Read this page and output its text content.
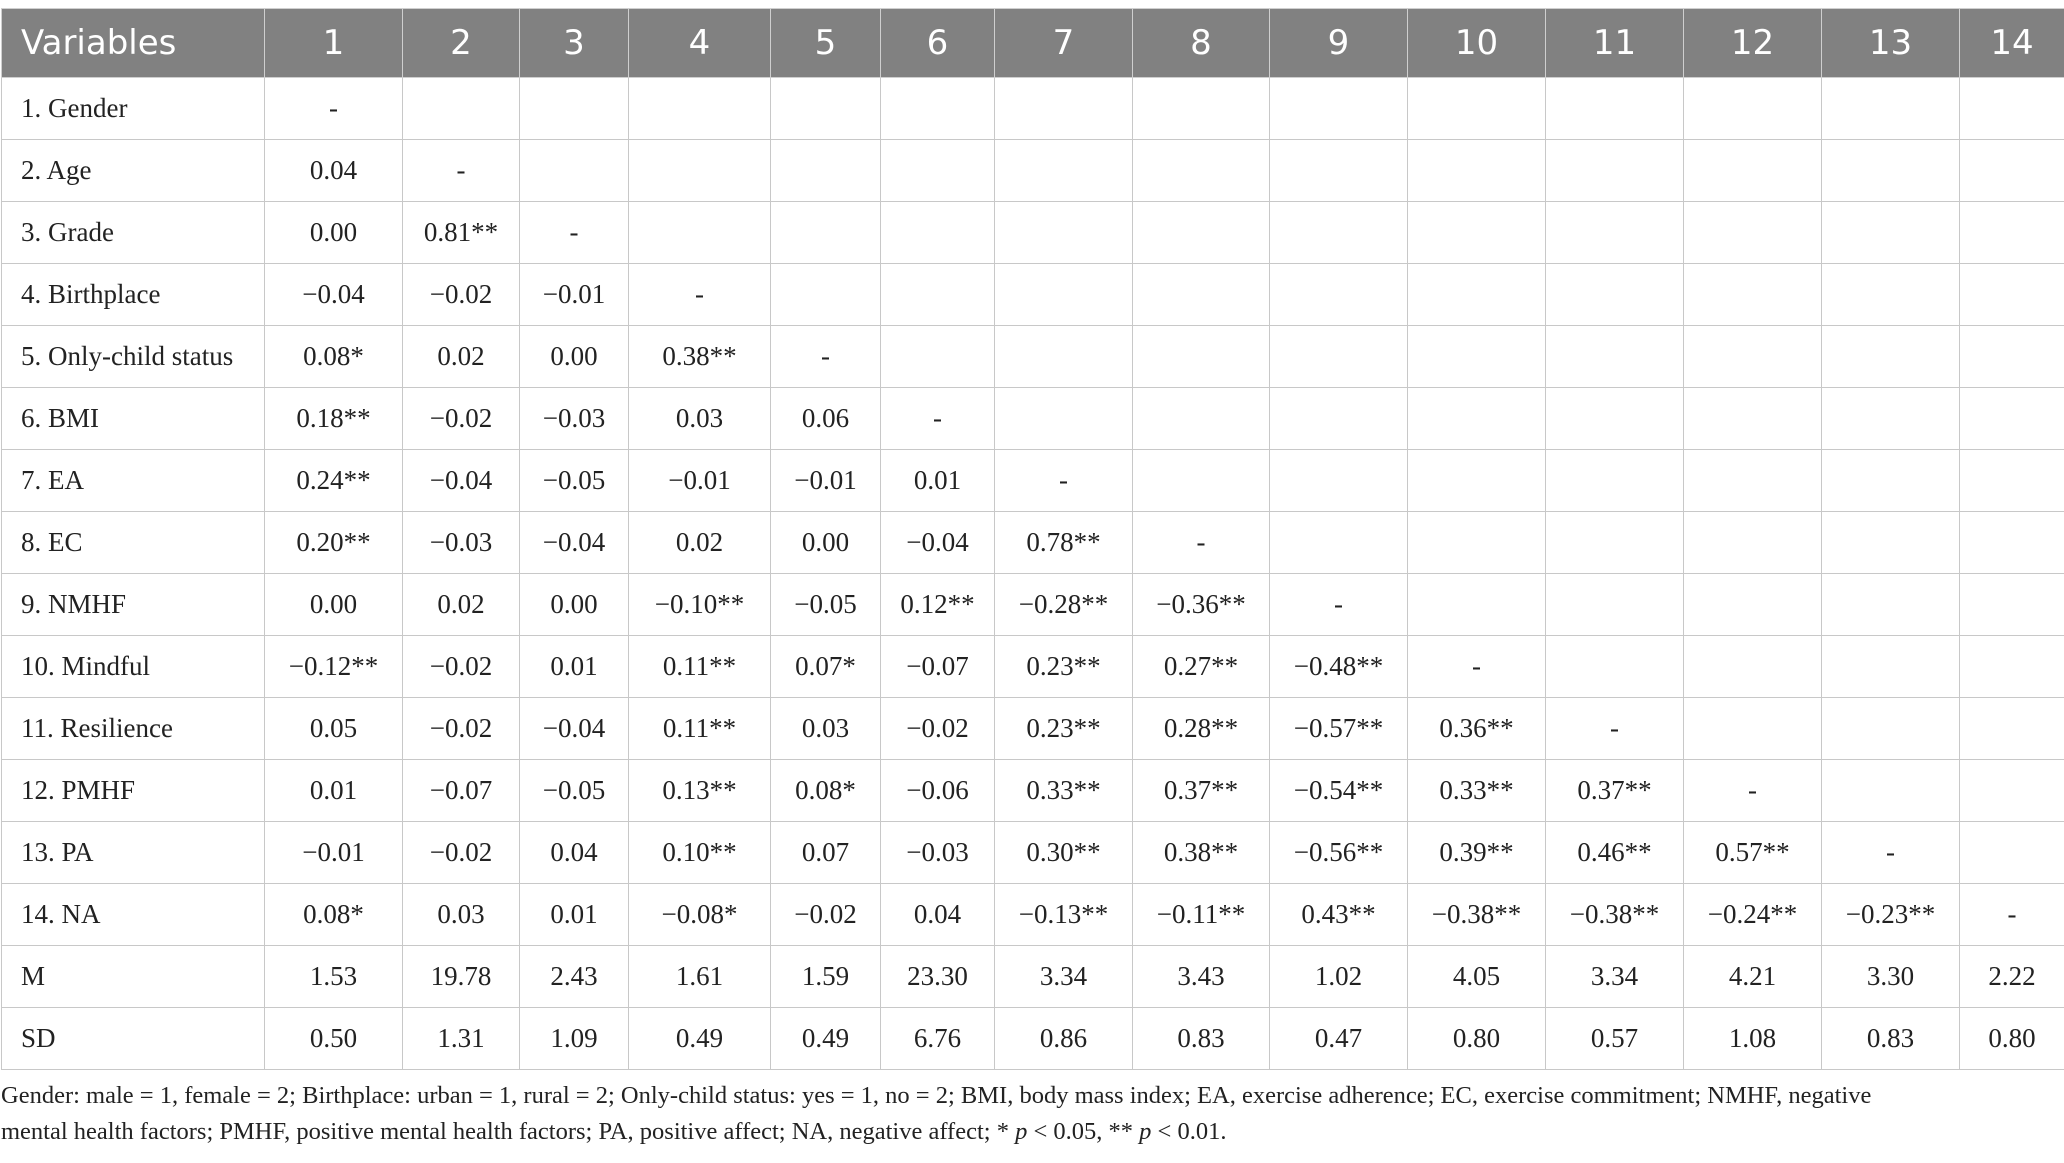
Variables	1	2	3	4	5	6	7	8	9	10	11	12	13	14
1. Gender	-													
2. Age	0.04	-												
3. Grade	0.00	0.81**	-											
4. Birthplace	−0.04	−0.02	−0.01	-										
5. Only-child status	0.08*	0.02	0.00	0.38**	-									
6. BMI	0.18**	−0.02	−0.03	0.03	0.06	-								
7. EA	0.24**	−0.04	−0.05	−0.01	−0.01	0.01	-							
8. EC	0.20**	−0.03	−0.04	0.02	0.00	−0.04	0.78**	-						
9. NMHF	0.00	0.02	0.00	−0.10**	−0.05	0.12**	−0.28**	−0.36**	-					
10. Mindful	−0.12**	−0.02	0.01	0.11**	0.07*	−0.07	0.23**	0.27**	−0.48**	-				
11. Resilience	0.05	−0.02	−0.04	0.11**	0.03	−0.02	0.23**	0.28**	−0.57**	0.36**	-			
12. PMHF	0.01	−0.07	−0.05	0.13**	0.08*	−0.06	0.33**	0.37**	−0.54**	0.33**	0.37**	-		
13. PA	−0.01	−0.02	0.04	0.10**	0.07	−0.03	0.30**	0.38**	−0.56**	0.39**	0.46**	0.57**	-	
14. NA	0.08*	0.03	0.01	−0.08*	−0.02	0.04	−0.13**	−0.11**	0.43**	−0.38**	−0.38**	−0.24**	−0.23**	-
M	1.53	19.78	2.43	1.61	1.59	23.30	3.34	3.43	1.02	4.05	3.34	4.21	3.30	2.22
SD	0.50	1.31	1.09	0.49	0.49	6.76	0.86	0.83	0.47	0.80	0.57	1.08	0.83	0.80
Gender: male = 1, female = 2; Birthplace: urban = 1, rural = 2; Only-child status: yes = 1, no = 2; BMI, body mass index; EA, exercise adherence; EC, exercise commitment; NMHF, negative
mental health factors; PMHF, positive mental health factors; PA, positive affect; NA, negative affect; * p < 0.05, ** p < 0.01.
